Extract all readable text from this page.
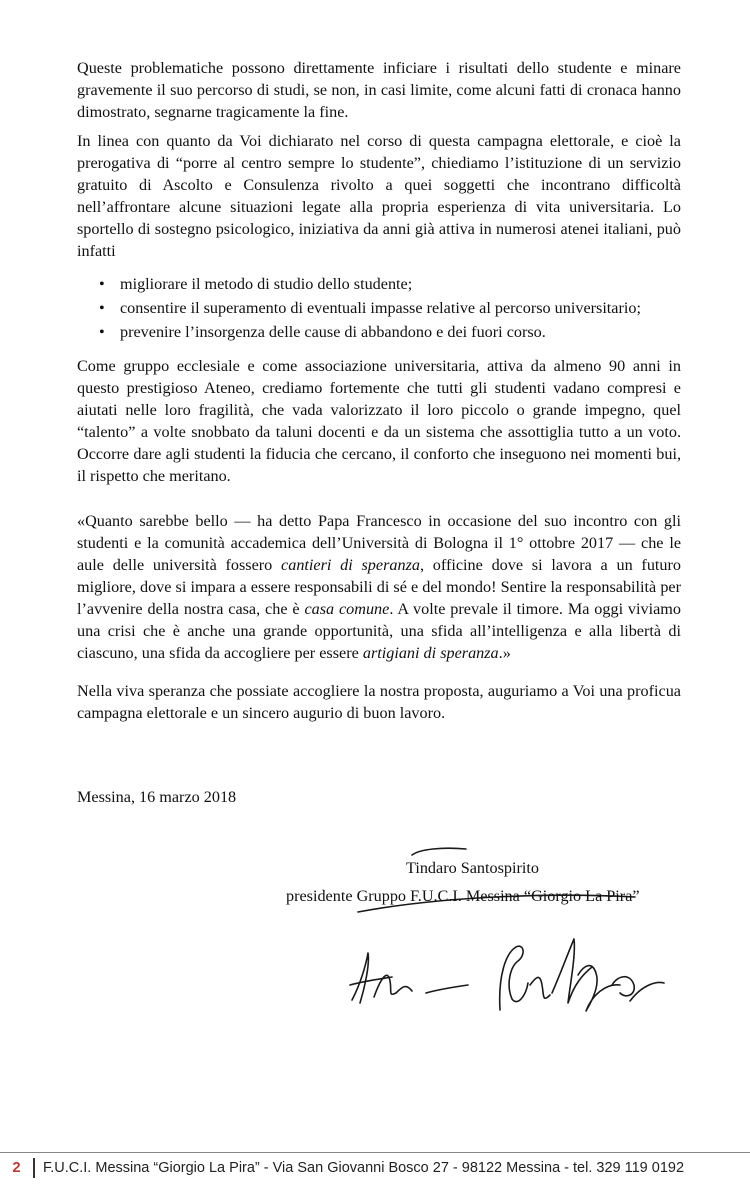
Queste problematiche possono direttamente inficiare i risultati dello studente e minare gravemente il suo percorso di studi, se non, in casi limite, come alcuni fatti di cronaca hanno dimostrato, segnarne tragicamente la fine.

In linea con quanto da Voi dichiarato nel corso di questa campagna elettorale, e cioè la prerogativa di “porre al centro sempre lo studente”, chiediamo l’istituzione di un servizio gratuito di Ascolto e Consulenza rivolto a quei soggetti che incontrano difficoltà nell’affrontare alcune situazioni legate alla propria esperienza di vita universitaria. Lo sportello di sostegno psicologico, iniziativa da anni già attiva in numerosi atenei italiani, può infatti

• migliorare il metodo di studio dello studente;
• consentire il superamento di eventuali impasse relative al percorso universitario;
• prevenire l’insorgenza delle cause di abbandono e dei fuori corso.

Come gruppo ecclesiale e come associazione universitaria, attiva da almeno 90 anni in questo prestigioso Ateneo, crediamo fortemente che tutti gli studenti vadano compresi e aiutati nelle loro fragilità, che vada valorizzato il loro piccolo o grande impegno, quel “talento” a volte snobbato da taluni docenti e da un sistema che assottiglia tutto a un voto. Occorre dare agli studenti la fiducia che cercano, il conforto che inseguono nei momenti bui, il rispetto che meritano.

«Quanto sarebbe bello ― ha detto Papa Francesco in occasione del suo incontro con gli studenti e la comunità accademica dell’Università di Bologna il 1° ottobre 2017 ― che le aule delle università fossero cantieri di speranza, officine dove si lavora a un futuro migliore, dove si impara a essere responsabili di sé e del mondo! Sentire la responsabilità per l’avvenire della nostra casa, che è casa comune. A volte prevale il timore. Ma oggi viviamo una crisi che è anche una grande opportunità, una sfida all’intelligenza e alla libertà di ciascuno, una sfida da accogliere per essere artigiani di speranza.»

Nella viva speranza che possiate accogliere la nostra proposta, auguriamo a Voi una proficua campagna elettorale e un sincero augurio di buon lavoro.

Messina, 16 marzo 2018

Tindaro Santospirito
presidente Gruppo F.U.C.I. Messina “Giorgio La Pira”
2	F.U.C.I. Messina “Giorgio La Pira” - Via San Giovanni Bosco 27 - 98122 Messina - tel. 329 119 0192
